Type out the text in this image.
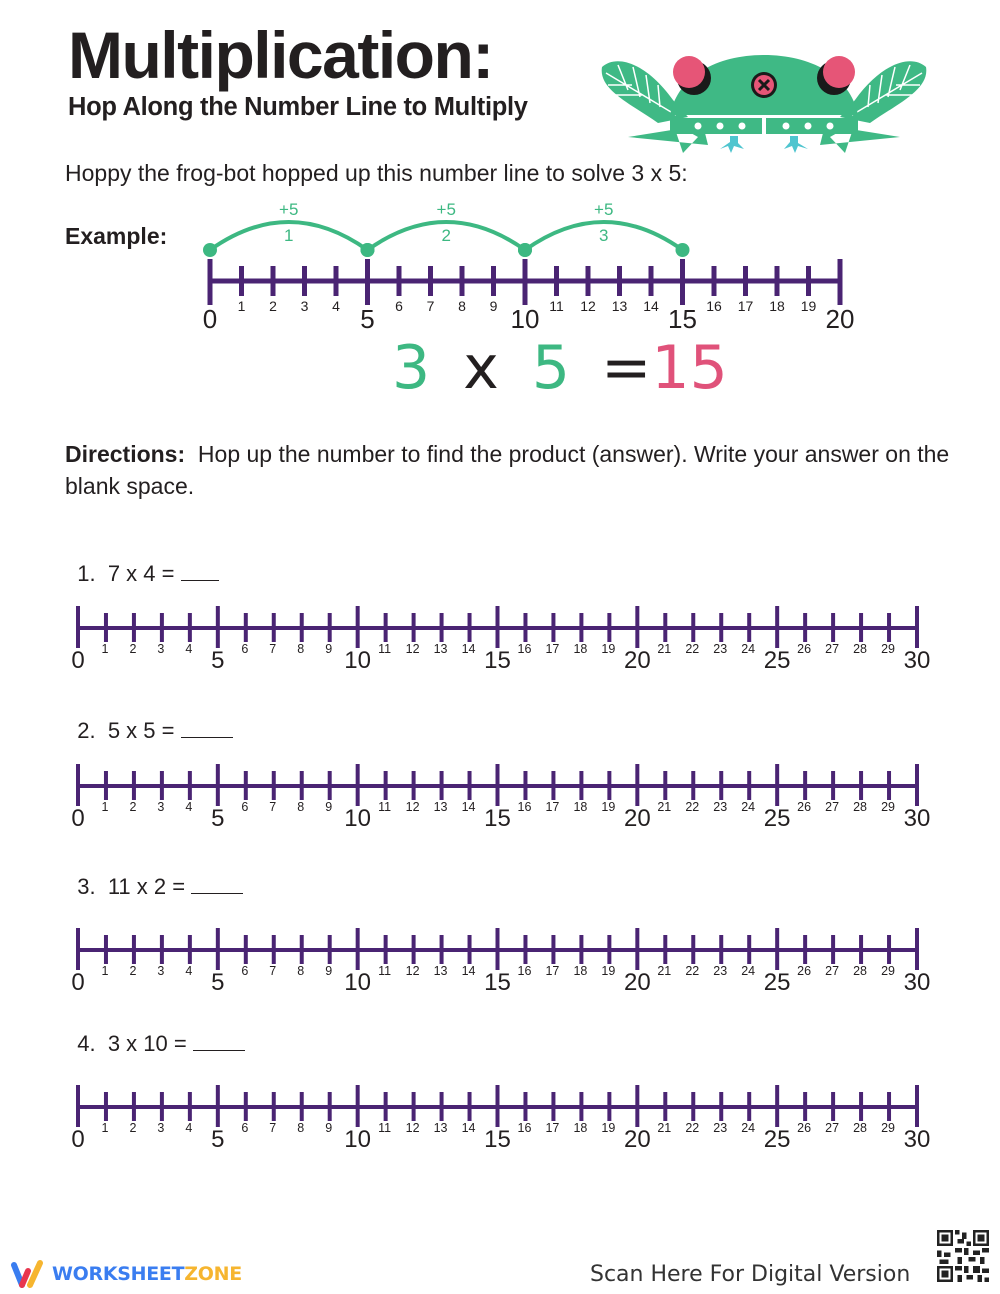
Multiplication:
Hop Along the Number Line to Multiply
Hoppy the frog-bot hopped up this number line to solve 3 x 5:
Example:
0 1 2 3 4 5 6 7 8 9 10 11 12 13 14 15 16 17 18 19 20
+5
1
+5
2
+5
3
3 x 5 =15
Directions: Hop up the number to find the product (answer). Write your answer on the blank space.

1. 7 x 4 =

0 1 2 3 4 5 6 7 8 9 10 11 12 13 14 15 16 17 18 19 20 21 22 23 24 25 26 27 28 29 30

2. 5 x 5 =

0 1 2 3 4 5 6 7 8 9 10 11 12 13 14 15 16 17 18 19 20 21 22 23 24 25 26 27 28 29 30

3. 11 x 2 =

0 1 2 3 4 5 6 7 8 9 10 11 12 13 14 15 16 17 18 19 20 21 22 23 24 25 26 27 28 29 30

4. 3 x 10 =

0 1 2 3 4 5 6 7 8 9 10 11 12 13 14 15 16 17 18 19 20 21 22 23 24 25 26 27 28 29 30
WORKSHEETZONE	Scan Here For Digital Version
